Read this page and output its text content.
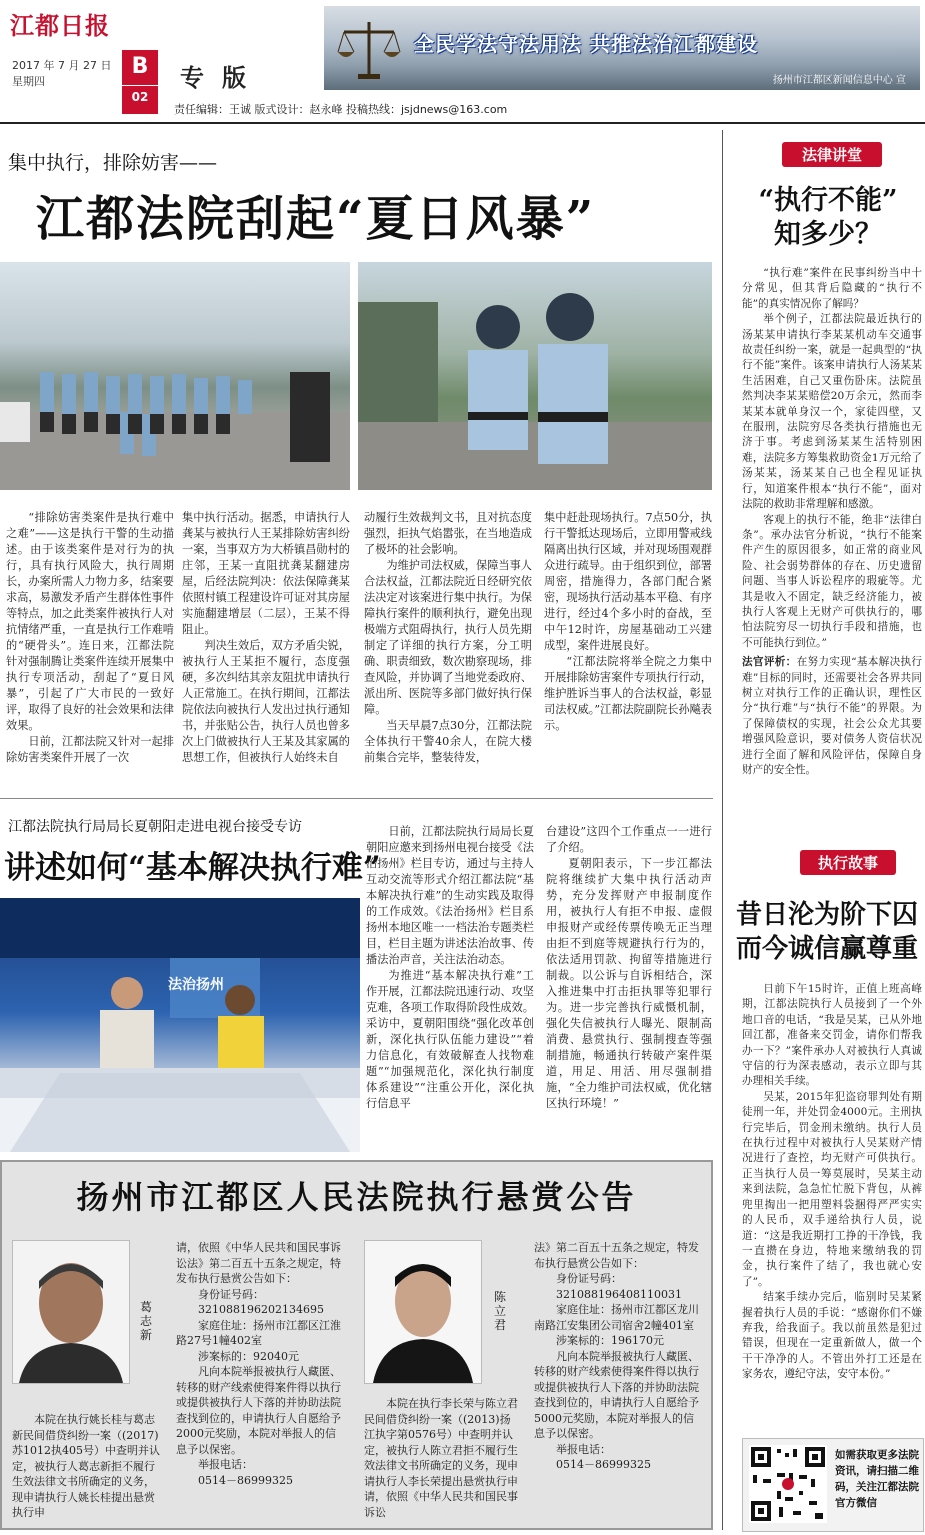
江都日报
2017 年 7 月 27 日
星期四
B
02
专版
全民学法守法用法 共推法治江都建设
扬州市江都区新闻信息中心 宣
责任编辑：王诚 版式设计：赵永峰 投稿热线：jsjdnews@163.com
集中执行，排除妨害——
江都法院刮起“夏日风暴”

“排除妨害类案件是执行难中之难”——这是执行干警的生动描述。由于该类案件是对行为的执行，具有执行风险大，执行周期长，办案所需人力物力多，结案要求高，易激发矛盾产生群体性事件等特点，加之此类案件被执行人对抗情绪严重，一直是执行工作难啃的“硬骨头”。连日来，江都法院针对强制腾让类案件连续开展集中执行专项活动，刮起了“夏日风暴”，引起了广大市民的一致好评，取得了良好的社会效果和法律效果。

日前，江都法院又针对一起排除妨害类案件开展了一次

集中执行活动。据悉，申请执行人龚某与被执行人王某排除妨害纠纷一案，当事双方为大桥镇昌勋村的庄邻，王某一直阻扰龚某翻建房屋，后经法院判决：依法保障龚某依照村镇工程建设许可证对其房屋实施翻建增层（二层），王某不得阻止。

判决生效后，双方矛盾尖锐，被执行人王某拒不履行，态度强硬，多次纠结其亲友阻扰申请执行人正常施工。在执行期间，江都法院依法向被执行人发出过执行通知书，并张贴公告，执行人员也曾多次上门做被执行人王某及其家属的思想工作，但被执行人始终未自

动履行生效裁判文书，且对抗态度强烈，拒执气焰嚣张，在当地造成了极坏的社会影响。

为维护司法权威，保障当事人合法权益，江都法院近日经研究依法决定对该案进行集中执行。为保障执行案件的顺利执行，避免出现极端方式阻碍执行，执行人员先期制定了详细的执行方案，分工明确、职责细致，数次勘察现场，排查风险，并协调了当地党委政府、派出所、医院等多部门做好执行保障。

当天早晨7点30分，江都法院全体执行干警40余人，在院大楼前集合完毕，整装待发，

集中赶赴现场执行。7点50分，执行干警抵达现场后，立即用警戒线隔离出执行区域，并对现场围观群众进行疏导。由于组织到位，部署周密，措施得力，各部门配合紧密，现场执行活动基本平稳、有序进行，经过4个多小时的奋战，至中午12时许，房屋基础动工兴建成型，案件进展良好。

“江都法院将举全院之力集中开展排除妨害案件专项执行行动，维护胜诉当事人的合法权益，彰显司法权威。”江都法院副院长孙飚表示。

江都法院执行局局长夏朝阳走进电视台接受专访
讲述如何“基本解决执行难”
法治扬州

日前，江都法院执行局局长夏朝阳应邀来到扬州电视台接受《法治扬州》栏目专访，通过与主持人互动交流等形式介绍江都法院“基本解决执行难”的生动实践及取得的工作成效。《法治扬州》栏目系扬州本地区唯一一档法治专题类栏目，栏目主题为讲述法治故事、传播法治声音，关注法治动态。

为推进“基本解决执行难”工作开展，江都法院迅速行动、攻坚克难，各项工作取得阶段性成效。采访中，夏朝阳围绕“强化改革创新，深化执行队伍能力建设”“着力信息化，有效破解查人找物难题”“加强规范化，深化执行制度体系建设”“注重公开化，深化执行信息平

台建设”这四个工作重点一一进行了介绍。

夏朝阳表示，下一步江都法院将继续扩大集中执行活动声势，充分发挥财产申报制度作用，被执行人有拒不申报、虚假申报财产或经传票传唤无正当理由拒不到庭等规避执行行为的，依法适用罚款、拘留等措施进行制裁。以公诉与自诉相结合，深入推进集中打击拒执罪等犯罪行为。进一步完善执行威慑机制，强化失信被执行人曝光、限制高消费、悬赏执行、强制搜查等强制措施，畅通执行转破产案件渠道，用足、用活、用尽强制措施，“全力维护司法权威，优化辖区执行环境！”

法律讲堂
“执行不能”
知多少？

“执行难”案件在民事纠纷当中十分常见，但其背后隐藏的“执行不能”的真实情况你了解吗？

举个例子，江都法院最近执行的汤某某申请执行李某某机动车交通事故责任纠纷一案，就是一起典型的“执行不能”案件。该案申请执行人汤某某生活困难，自己又重伤卧床。法院虽然判决李某某赔偿20万余元，然而李某某本就单身汉一个，家徒四壁，又在服刑，法院穷尽各类执行措施也无济于事。考虑到汤某某生活特别困难，法院多方筹集救助资金1万元给了汤某某，汤某某自己也全程见证执行，知道案件根本“执行不能”，面对法院的救助非常理解和感激。

客观上的执行不能，绝非“法律白条”。承办法官分析说，“执行不能案件产生的原因很多，如正常的商业风险、社会弱势群体的存在、历史遗留问题、当事人诉讼程序的瑕疵等。尤其是收入不固定，缺乏经济能力，被执行人客观上无财产可供执行的，哪怕法院穷尽一切执行手段和措施，也不可能执行到位。”

法官评析：在努力实现“基本解决执行难”目标的同时，还需要社会各界共同树立对执行工作的正确认识，理性区分“执行难”与“执行不能”的界限。为了保障债权的实现，社会公众尤其要增强风险意识，要对债务人资信状况进行全面了解和风险评估，保障自身财产的安全性。

执行故事
昔日沦为阶下囚
而今诚信赢尊重

日前下午15时许，正值上班高峰期，江都法院执行人员接到了一个外地口音的电话，“我是吴某，已从外地回江都，准备来交罚金，请你们帮我办一下？”案件承办人对被执行人真诚守信的行为深表感动，表示立即与其办理相关手续。

吴某，2015年犯盗窃罪判处有期徒刑一年，并处罚金4000元。主刑执行完毕后，罚金刑未缴纳。执行人员在执行过程中对被执行人吴某财产情况进行了查控，均无财产可供执行。正当执行人员一筹莫展时，吴某主动来到法院，急急忙忙脱下背包，从裤兜里掏出一把用塑料袋捆得严严实实的人民币，双手递给执行人员，说道：“这是我近期打工挣的干净钱，我一直攒在身边，特地来缴纳我的罚金，执行案件了结了，我也就心安了”。

结案手续办完后，临别时吴某紧握着执行人员的手说：“感谢你们不嫌弃我，给我面子。我以前虽然是犯过错误，但现在一定重新做人，做一个干干净净的人。不管出外打工还是在家务农，遵纪守法，安守本份。”

如需获取更多法院资讯，请扫描二维码，关注江都法院官方微信
扬州市江都区人民法院执行悬赏公告
葛志新
本院在执行姚长桂与葛志新民间借贷纠纷一案（(2017)苏1012执405号）中查明并认定，被执行人葛志新拒不履行生效法律文书所确定的义务，现申请执行人姚长桂提出悬赏执行申

请，依照《中华人民共和国民事诉讼法》第二百五十五条之规定，特发布执行悬赏公告如下：

身份证号码：

321088196202134695

家庭住址：扬州市江都区江淮路27号1幢402室

涉案标的：92040元

凡向本院举报被执行人藏匿、转移的财产线索使得案件得以执行或提供被执行人下落的并协助法院查找到位的，申请执行人自愿给予2000元奖励，本院对举报人的信息予以保密。

举报电话：

0514－86999325

陈立君
本院在执行李长荣与陈立君民间借贷纠纷一案（(2013)扬江执字第0576号）中查明并认定，被执行人陈立君拒不履行生效法律文书所确定的义务，现申请执行人李长荣提出悬赏执行申请，依照《中华人民共和国民事诉讼

法》第二百五十五条之规定，特发布执行悬赏公告如下：

身份证号码：

321088196408110031

家庭住址：扬州市江都区龙川南路江安集团公司宿舍2幢401室

涉案标的：196170元

凡向本院举报被执行人藏匿、转移的财产线索使得案件得以执行或提供被执行人下落的并协助法院查找到位的，申请执行人自愿给予5000元奖励，本院对举报人的信息予以保密。

举报电话：

0514－86999325
